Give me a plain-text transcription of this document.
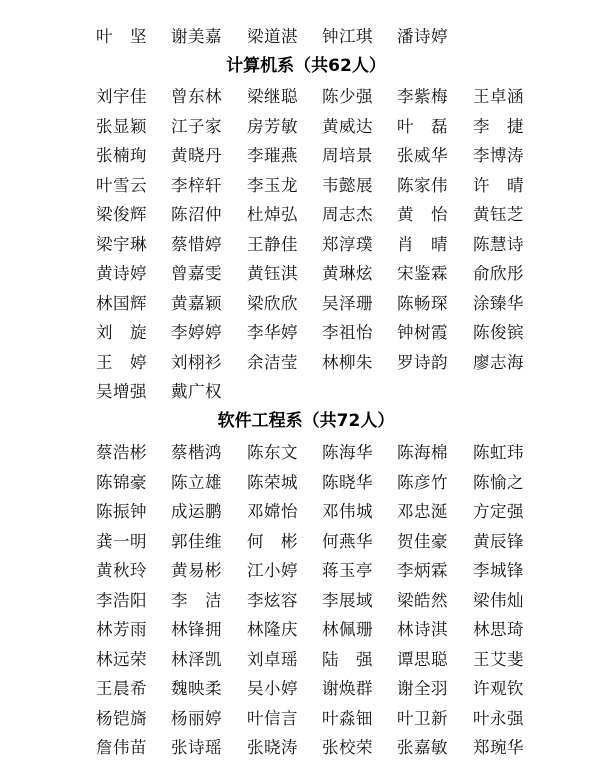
叶　坚	谢美嘉	梁道湛	钟江琪	潘诗婷
计算机系（共62人）
刘宇佳	曾东林	梁继聪	陈少强	李紫梅	王卓涵
张显颖	江子家	房芳敏	黄威达	叶　磊	李　捷
张楠珣	黄晓丹	李璀燕	周培景	张威华	李博涛
叶雪云	李梓轩	李玉龙	韦懿展	陈家伟	许　晴
梁俊辉	陈沼仲	杜焯弘	周志杰	黄　怡	黄钰芝
梁宇琳	蔡惜婷	王静佳	郑淳璞	肖　晴	陈慧诗
黄诗婷	曾嘉雯	黄钰淇	黄琳炫	宋鉴霖	俞欣彤
林国辉	黄嘉颖	梁欣欣	吴泽珊	陈畅琛	涂臻华
刘　旋	李婷婷	李华婷	李祖怡	钟树霞	陈俊镔
王　婷	刘栩衫	余洁莹	林柳朱	罗诗韵	廖志海
吴增强	戴广权
软件工程系（共72人）
蔡浩彬	蔡楷鸿	陈东文	陈海华	陈海棉	陈虹玮
陈锦豪	陈立雄	陈荣城	陈晓华	陈彦竹	陈愉之
陈振钟	成运鹏	邓嫦怡	邓伟城	邓忠涎	方定强
龚一明	郭佳维	何　彬	何燕华	贺佳豪	黄辰锋
黄秋玲	黄易彬	江小婷	蒋玉亭	李炳霖	李城锋
李浩阳	李　洁	李炫容	李展域	梁皓然	梁伟灿
林芳雨	林锋拥	林隆庆	林佩珊	林诗淇	林思琦
林远荣	林泽凯	刘卓瑶	陆　强	谭思聪	王艾斐
王晨希	魏映柔	吴小婷	谢焕群	谢全羽	许观钦
杨铠旖	杨丽婷	叶信言	叶淼钿	叶卫新	叶永强
詹伟苗	张诗瑶	张晓涛	张校荣	张嘉敏	郑琬华
